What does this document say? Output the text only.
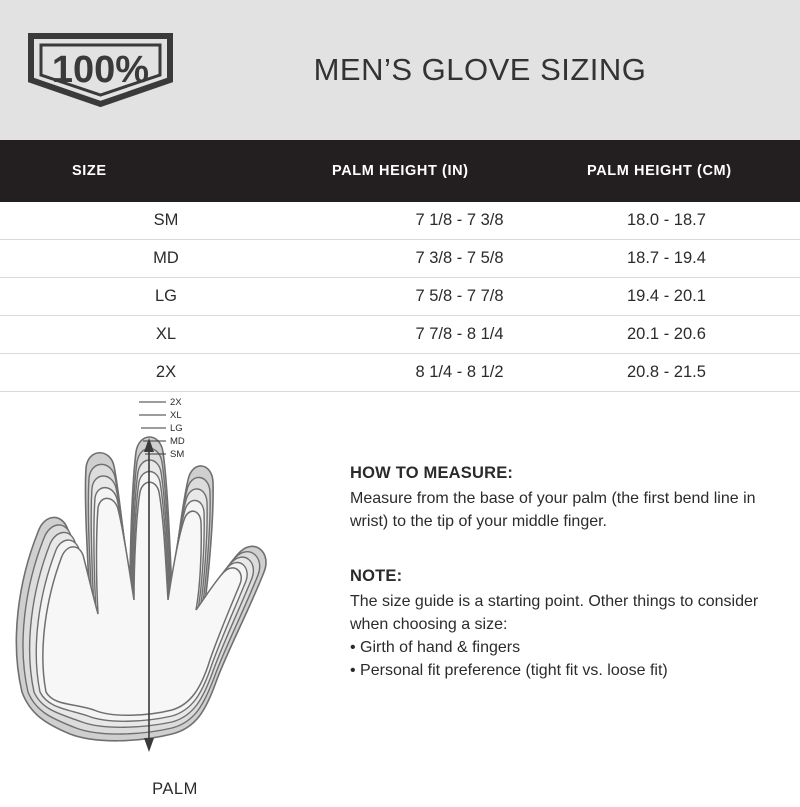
100%	MEN’S GLOVE SIZING
SIZE	PALM HEIGHT (IN)	PALM HEIGHT (CM)
SM	7 1/8 - 7 3/8	18.0 - 18.7
MD	7 3/8 - 7 5/8	18.7 - 19.4
LG	7 5/8 - 7 7/8	19.4 - 20.1
XL	7 7/8 - 8 1/4	20.1 - 20.6
2X	8 1/4 - 8 1/2	20.8 - 21.5
2X
XL
LG
MD
SM
PALM
HOW TO MEASURE:

Measure from the base of your palm (the first bend line in wrist) to the tip of your middle finger.

NOTE:

The size guide is a starting point. Other things to consider when choosing a size:

• Girth of hand & fingers
• Personal fit preference (tight fit vs. loose fit)
